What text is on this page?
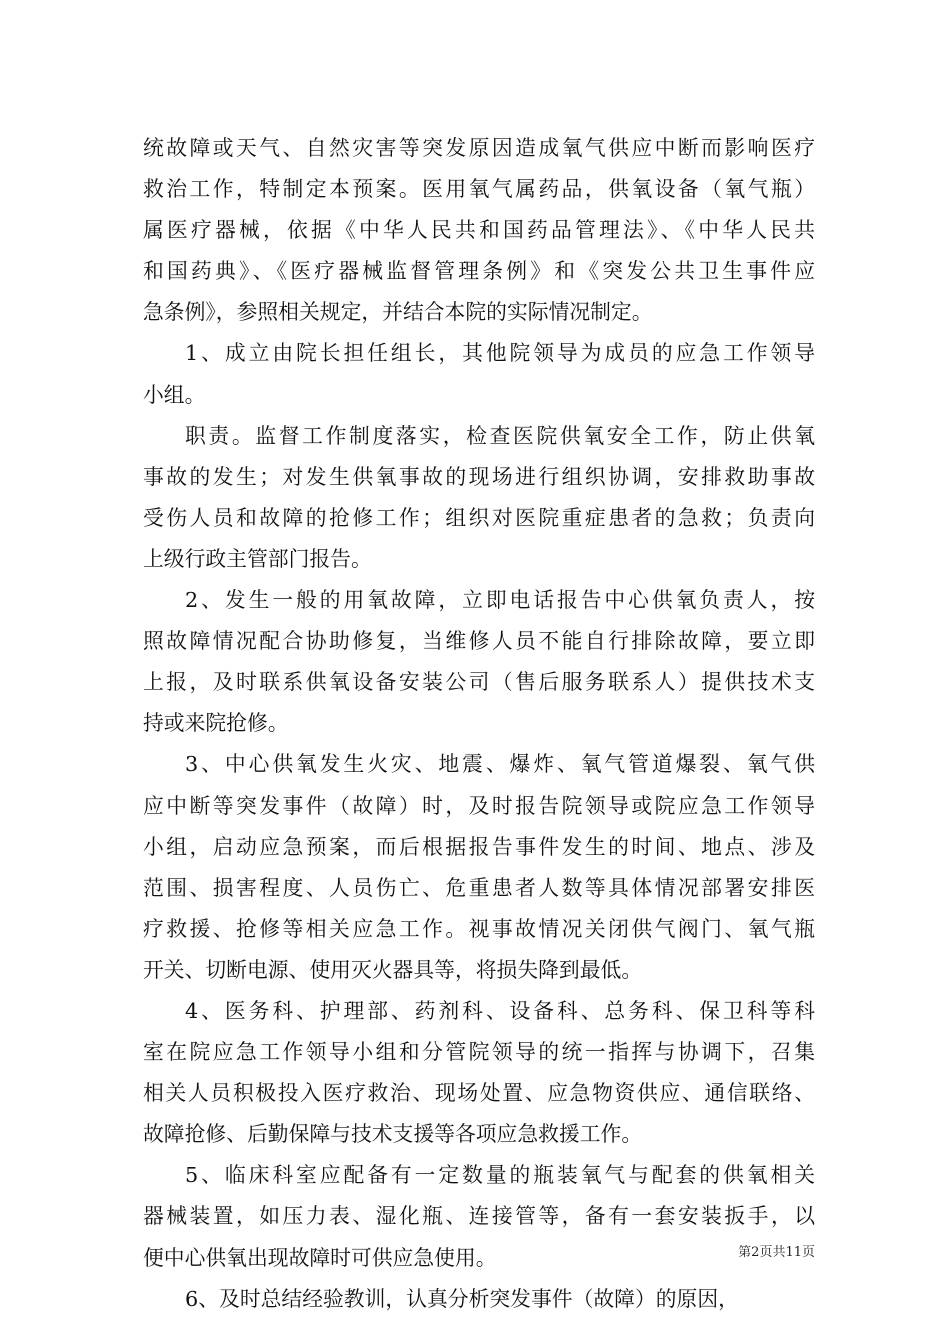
统故障或天气、自然灾害等突发原因造成氧气供应中断而影响医疗
救治工作，特制定本预案。医用氧气属药品，供氧设备（氧气瓶）
属医疗器械，依据《中华人民共和国药品管理法》、《中华人民共
和国药典》、《医疗器械监督管理条例》和《突发公共卫生事件应
急条例》，参照相关规定，并结合本院的实际情况制定。
1、成立由院长担任组长，其他院领导为成员的应急工作领导
小组。
职责。监督工作制度落实，检查医院供氧安全工作，防止供氧
事故的发生；对发生供氧事故的现场进行组织协调，安排救助事故
受伤人员和故障的抢修工作；组织对医院重症患者的急救；负责向
上级行政主管部门报告。
2、发生一般的用氧故障，立即电话报告中心供氧负责人，按
照故障情况配合协助修复，当维修人员不能自行排除故障，要立即
上报，及时联系供氧设备安装公司（售后服务联系人）提供技术支
持或来院抢修。
3、中心供氧发生火灾、地震、爆炸、氧气管道爆裂、氧气供
应中断等突发事件（故障）时，及时报告院领导或院应急工作领导
小组，启动应急预案，而后根据报告事件发生的时间、地点、涉及
范围、损害程度、人员伤亡、危重患者人数等具体情况部署安排医
疗救援、抢修等相关应急工作。视事故情况关闭供气阀门、氧气瓶
开关、切断电源、使用灭火器具等，将损失降到最低。
4、医务科、护理部、药剂科、设备科、总务科、保卫科等科
室在院应急工作领导小组和分管院领导的统一指挥与协调下，召集
相关人员积极投入医疗救治、现场处置、应急物资供应、通信联络、
故障抢修、后勤保障与技术支援等各项应急救援工作。
5、临床科室应配备有一定数量的瓶装氧气与配套的供氧相关
器械装置，如压力表、湿化瓶、连接管等，备有一套安装扳手，以
便中心供氧出现故障时可供应急使用。
6、及时总结经验教训，认真分析突发事件（故障）的原因，
第2页共11页
